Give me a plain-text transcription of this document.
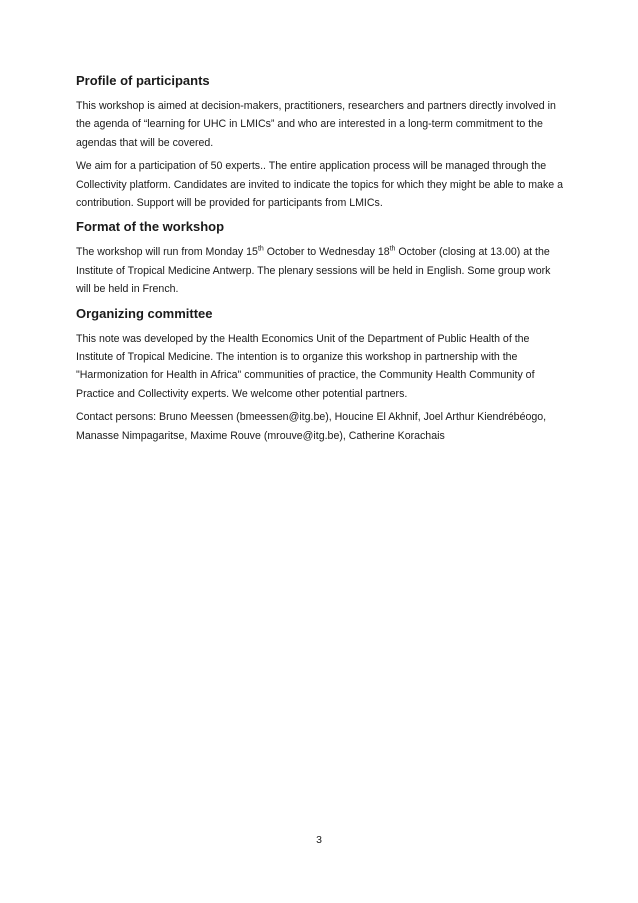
Profile of participants

This workshop is aimed at decision-makers, practitioners, researchers and partners directly involved in the agenda of “learning for UHC in LMICs” and who are interested in a long-term commitment to the agendas that will be covered.

We aim for a participation of 50 experts.. The entire application process will be managed through the Collectivity platform. Candidates are invited to indicate the topics for which they might be able to make a contribution. Support will be provided for participants from LMICs.

Format of the workshop

The workshop will run from Monday 15th October to Wednesday 18th October (closing at 13.00) at the Institute of Tropical Medicine Antwerp. The plenary sessions will be held in English. Some group work will be held in French.

Organizing committee

This note was developed by the Health Economics Unit of the Department of Public Health of the Institute of Tropical Medicine. The intention is to organize this workshop in partnership with the "Harmonization for Health in Africa" communities of practice, the Community Health Community of Practice and Collectivity experts. We welcome other potential partners.

Contact persons: Bruno Meessen (bmeessen@itg.be), Houcine El Akhnif, Joel Arthur Kiendrébéogo, Manasse Nimpagaritse, Maxime Rouve (mrouve@itg.be), Catherine Korachais

3
